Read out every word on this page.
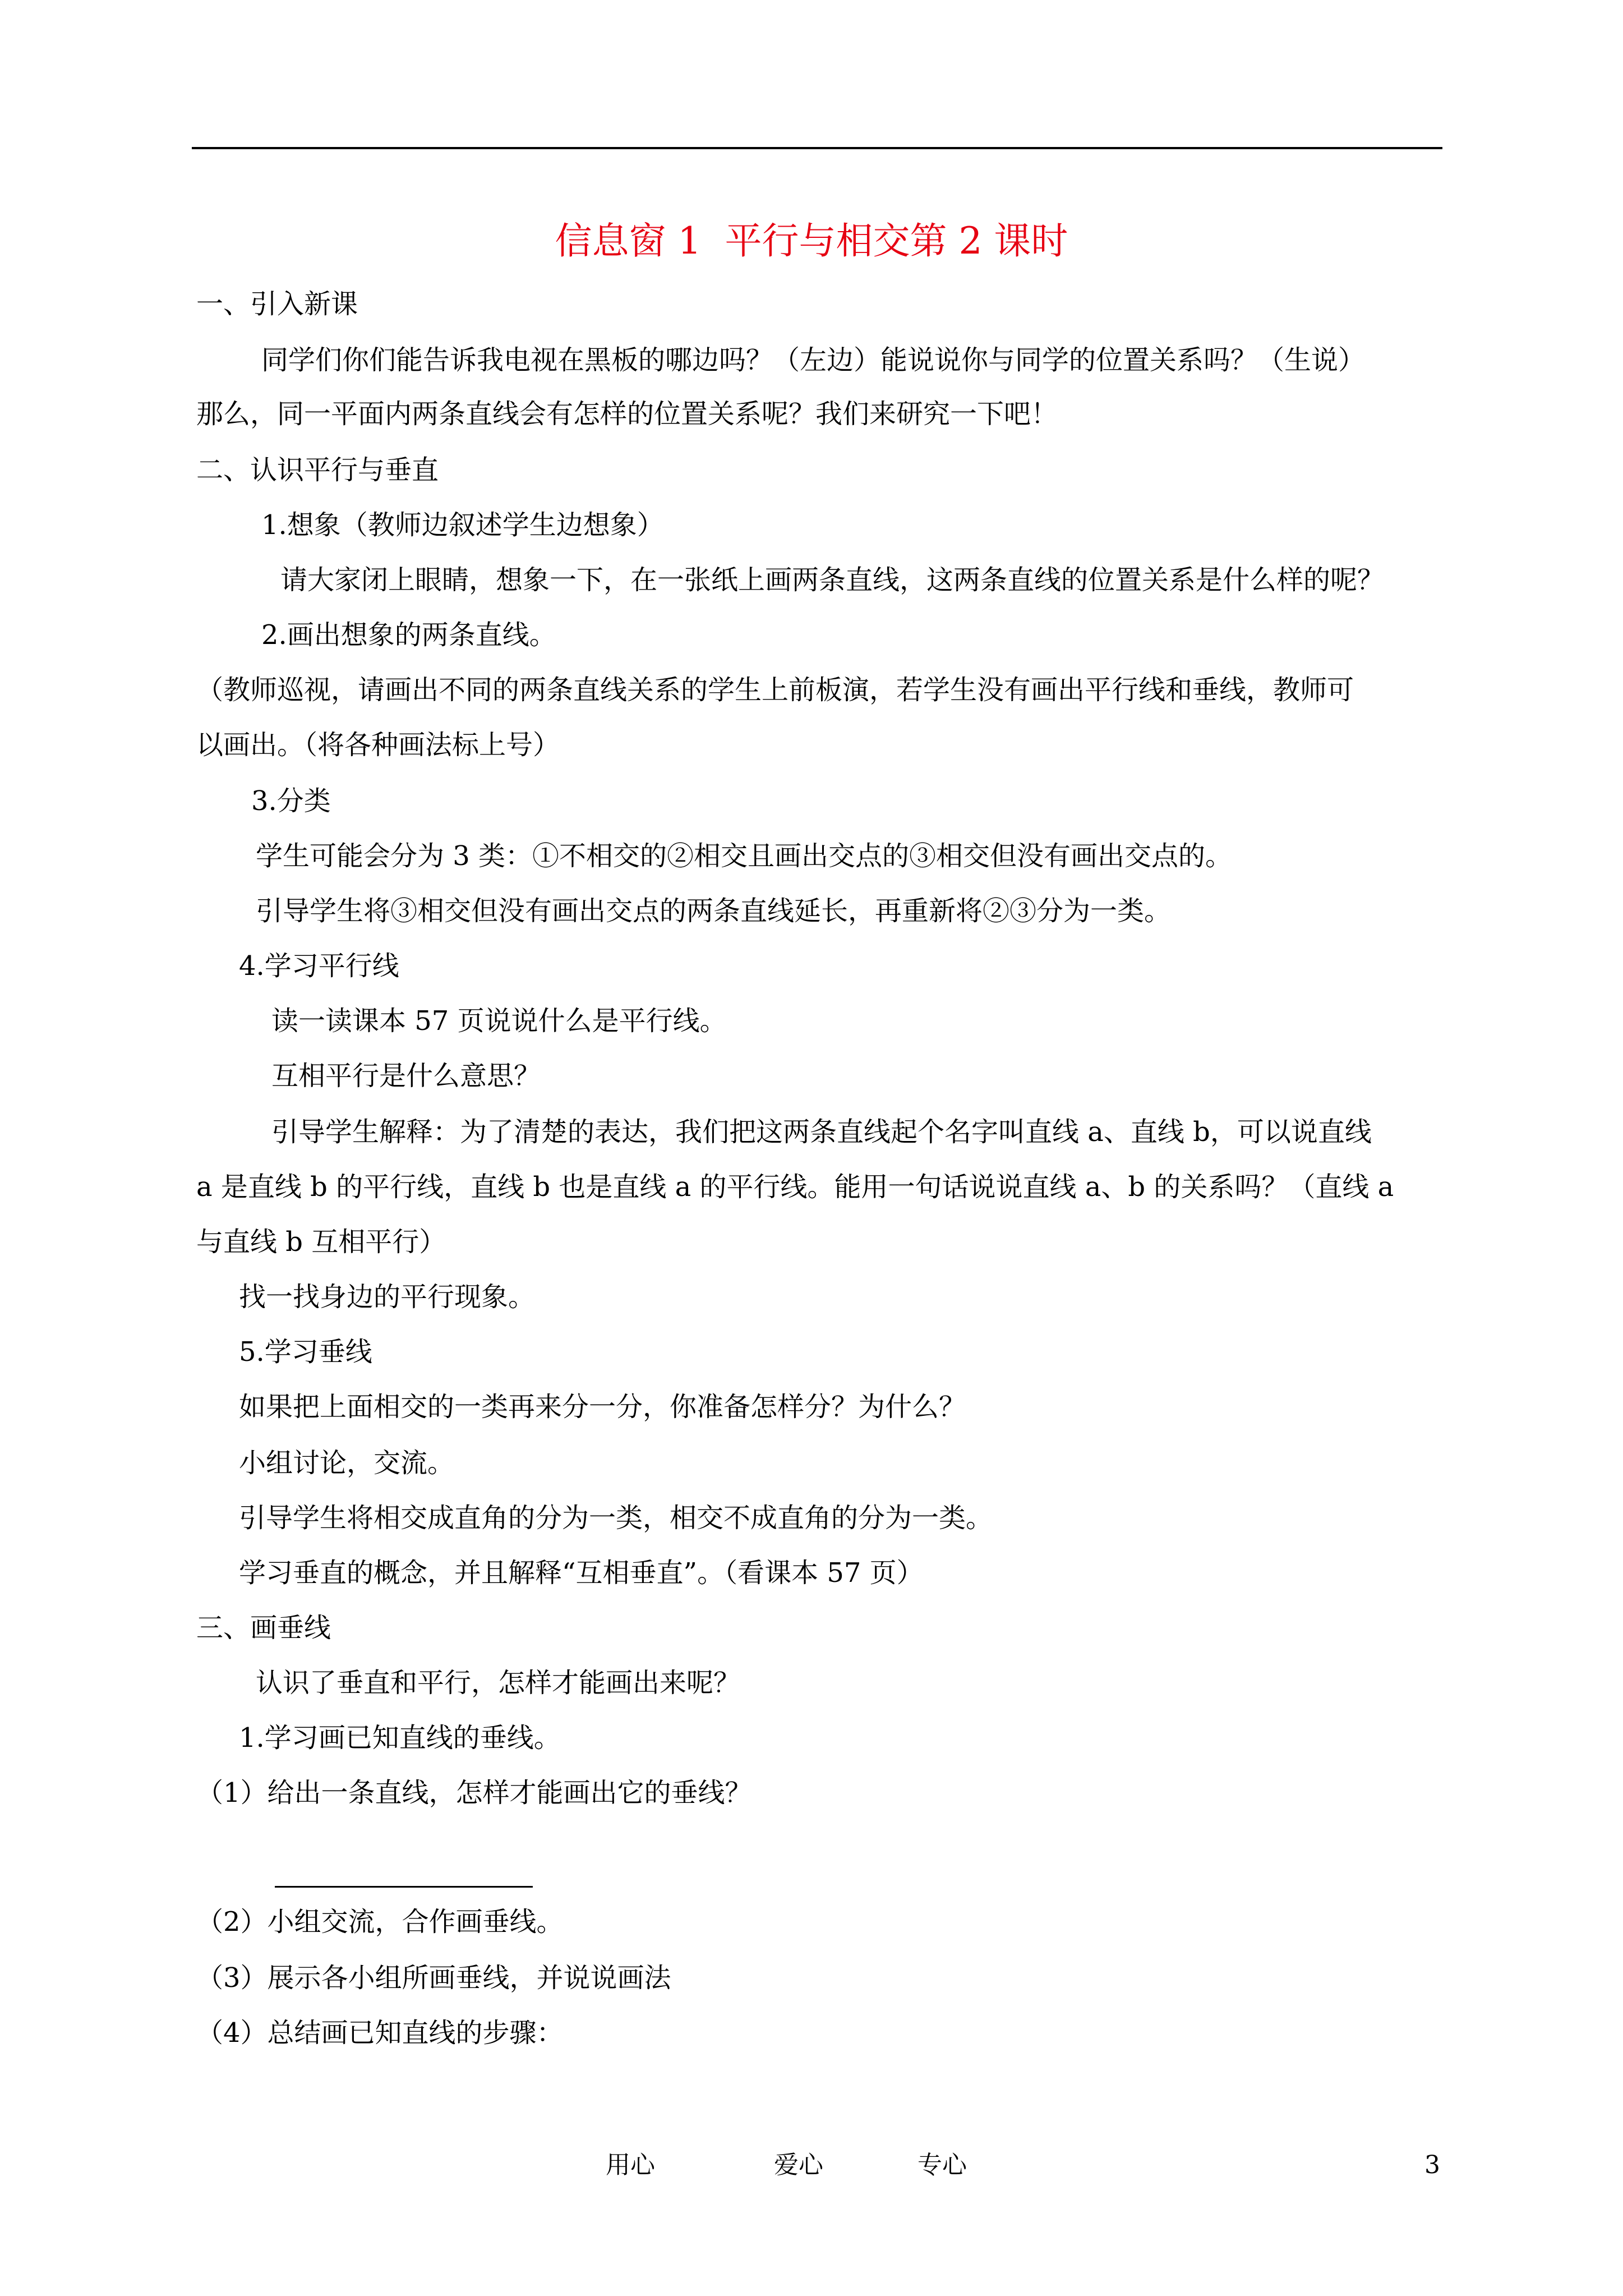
信息窗 1  平行与相交第 2 课时
一、引入新课
同学们你们能告诉我电视在黑板的哪边吗？（左边）能说说你与同学的位置关系吗？（生说）
那么，同一平面内两条直线会有怎样的位置关系呢？我们来研究一下吧！
二、认识平行与垂直
1.想象（教师边叙述学生边想象）
请大家闭上眼睛，想象一下，在一张纸上画两条直线，这两条直线的位置关系是什么样的呢？
2.画出想象的两条直线。
（教师巡视，请画出不同的两条直线关系的学生上前板演，若学生没有画出平行线和垂线，教师可
以画出。（将各种画法标上号）
3.分类
学生可能会分为 3 类：①不相交的②相交且画出交点的③相交但没有画出交点的。
引导学生将③相交但没有画出交点的两条直线延长，再重新将②③分为一类。
4.学习平行线
读一读课本 57 页说说什么是平行线。
互相平行是什么意思？
引导学生解释：为了清楚的表达，我们把这两条直线起个名字叫直线 a、直线 b，可以说直线
a 是直线 b 的平行线，直线 b 也是直线 a 的平行线。能用一句话说说直线 a、b 的关系吗？（直线 a
与直线 b 互相平行）
找一找身边的平行现象。
5.学习垂线
如果把上面相交的一类再来分一分，你准备怎样分？为什么？
小组讨论，交流。
引导学生将相交成直角的分为一类，相交不成直角的分为一类。
学习垂直的概念，并且解释“互相垂直”。（看课本 57 页）
三、画垂线
认识了垂直和平行，怎样才能画出来呢？
1.学习画已知直线的垂线。
（1）给出一条直线，怎样才能画出它的垂线？
（2）小组交流，合作画垂线。
（3）展示各小组所画垂线，并说说画法
（4）总结画已知直线的步骤：
用心	爱心	专心	3
